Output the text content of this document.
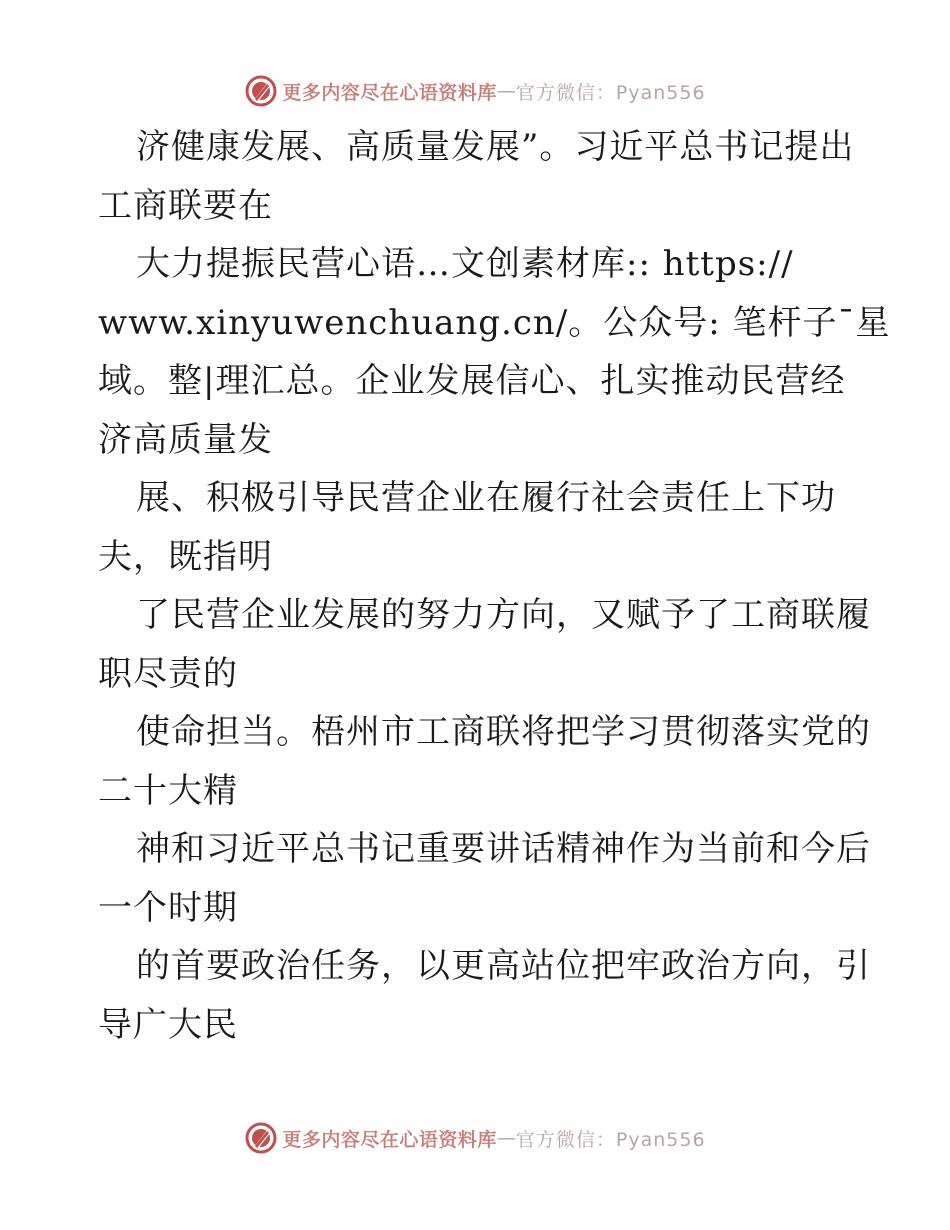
更多内容尽在心语资料库 — 官方微信：Pyan556
济健康发展、高质量发展”。习近平总书记提出
工商联要在
大力提振民营心语…文创素材库:: https://
www.xinyuwenchuang.cn/。公众号: 笔杆子¯星
域。整|理汇总。企业发展信心、扎实推动民营经
济高质量发
展、积极引导民营企业在履行社会责任上下功
夫，既指明
了民营企业发展的努力方向，又赋予了工商联履
职尽责的
使命担当。梧州市工商联将把学习贯彻落实党的
二十大精
神和习近平总书记重要讲话精神作为当前和今后
一个时期
的首要政治任务，以更高站位把牢政治方向，引
导广大民
更多内容尽在心语资料库 — 官方微信：Pyan556
